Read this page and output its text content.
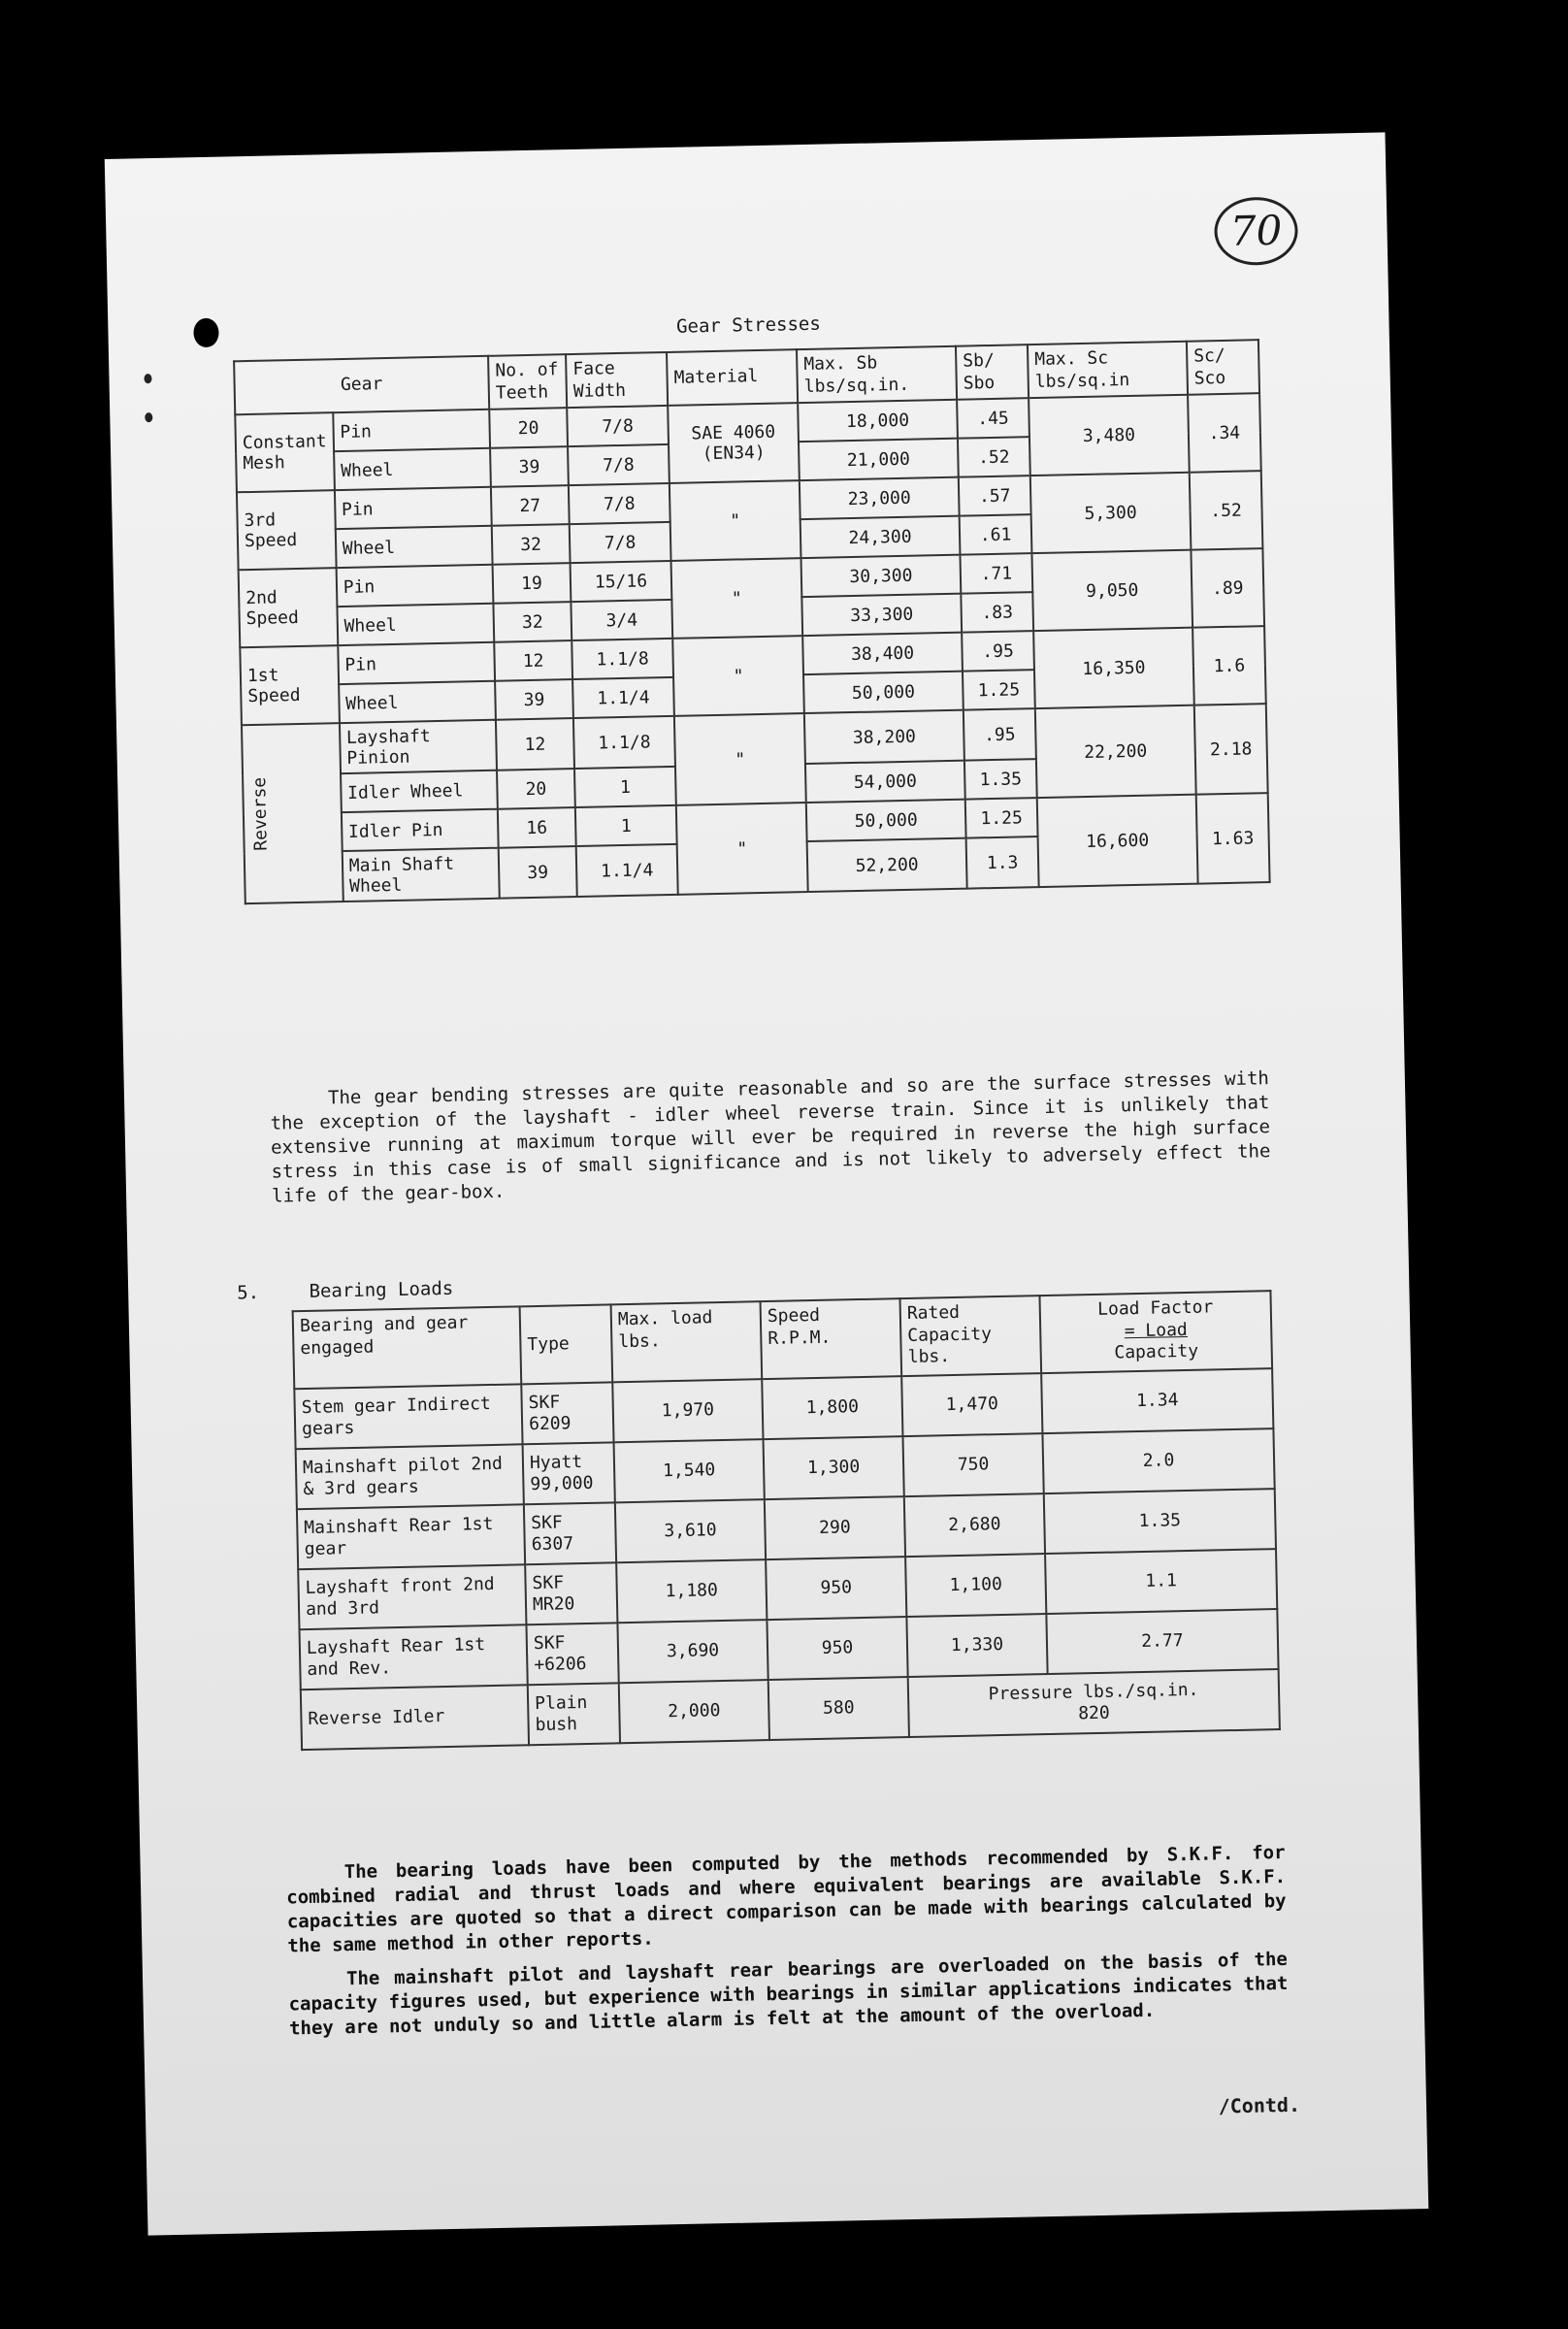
70
Gear Stresses
Gear		No. of Teeth	Face Width	Material	Max. Sb lbs/sq.in.	Sb/ Sbo	Max. Sc lbs/sq.in	Sc/ Sco
Constant Mesh	Pin	20	7/8	SAE 4060 (EN34)	18,000	.45	3,480	.34
	Wheel	39	7/8		21,000	.52		
3rd Speed	Pin	27	7/8	"	23,000	.57	5,300	.52
	Wheel	32	7/8		24,300	.61		
2nd Speed	Pin	19	15/16	"	30,300	.71	9,050	.89
	Wheel	32	3/4		33,300	.83		
1st Speed	Pin	12	1.1/8	"	38,400	.95	16,350	1.6
	Wheel	39	1.1/4		50,000	1.25		

Reverse	Layshaft Pinion	12	1.1/8	"	38,200	.95	22,200	2.18
	Idler Wheel	20	1		54,000	1.35		
	Idler Pin	16	1	"	50,000	1.25	16,600	1.63
	Main Shaft Wheel	39	1.1/4		52,200	1.3		
The gear bending stresses are quite reasonable and so are the surface stresses with the exception of the layshaft - idler wheel reverse train. Since it is unlikely that extensive running at maximum torque will ever be required in reverse the high surface stress in this case is of small significance and is not likely to adversely effect the life of the gear-box.
5.	Bearing Loads
Bearing and gear engaged	Type	Max. load lbs.	Speed R.P.M.	Rated Capacity lbs.	Load Factor
= Load
Capacity

Stem gear Indirect gears	SKF 6209	1,970	1,800	1,470	1.34
Mainshaft pilot 2nd & 3rd gears	Hyatt 99,000	1,540	1,300	750	2.0
Mainshaft Rear 1st gear	SKF 6307	3,610	290	2,680	1.35
Layshaft front 2nd and 3rd	SKF MR20	1,180	950	1,100	1.1
Layshaft Rear 1st and Rev.	SKF +6206	3,690	950	1,330	2.77
Reverse Idler	Plain bush	2,000	580	Pressure lbs./sq.in.
820	
The bearing loads have been computed by the methods recommended by S.K.F. for combined radial and thrust loads and where equivalent bearings are available S.K.F. capacities are quoted so that a direct comparison can be made with bearings calculated by the same method in other reports.
The mainshaft pilot and layshaft rear bearings are overloaded on the basis of the capacity figures used, but experience with bearings in similar applications indicates that they are not unduly so and little alarm is felt at the amount of the overload.
/Contd.
